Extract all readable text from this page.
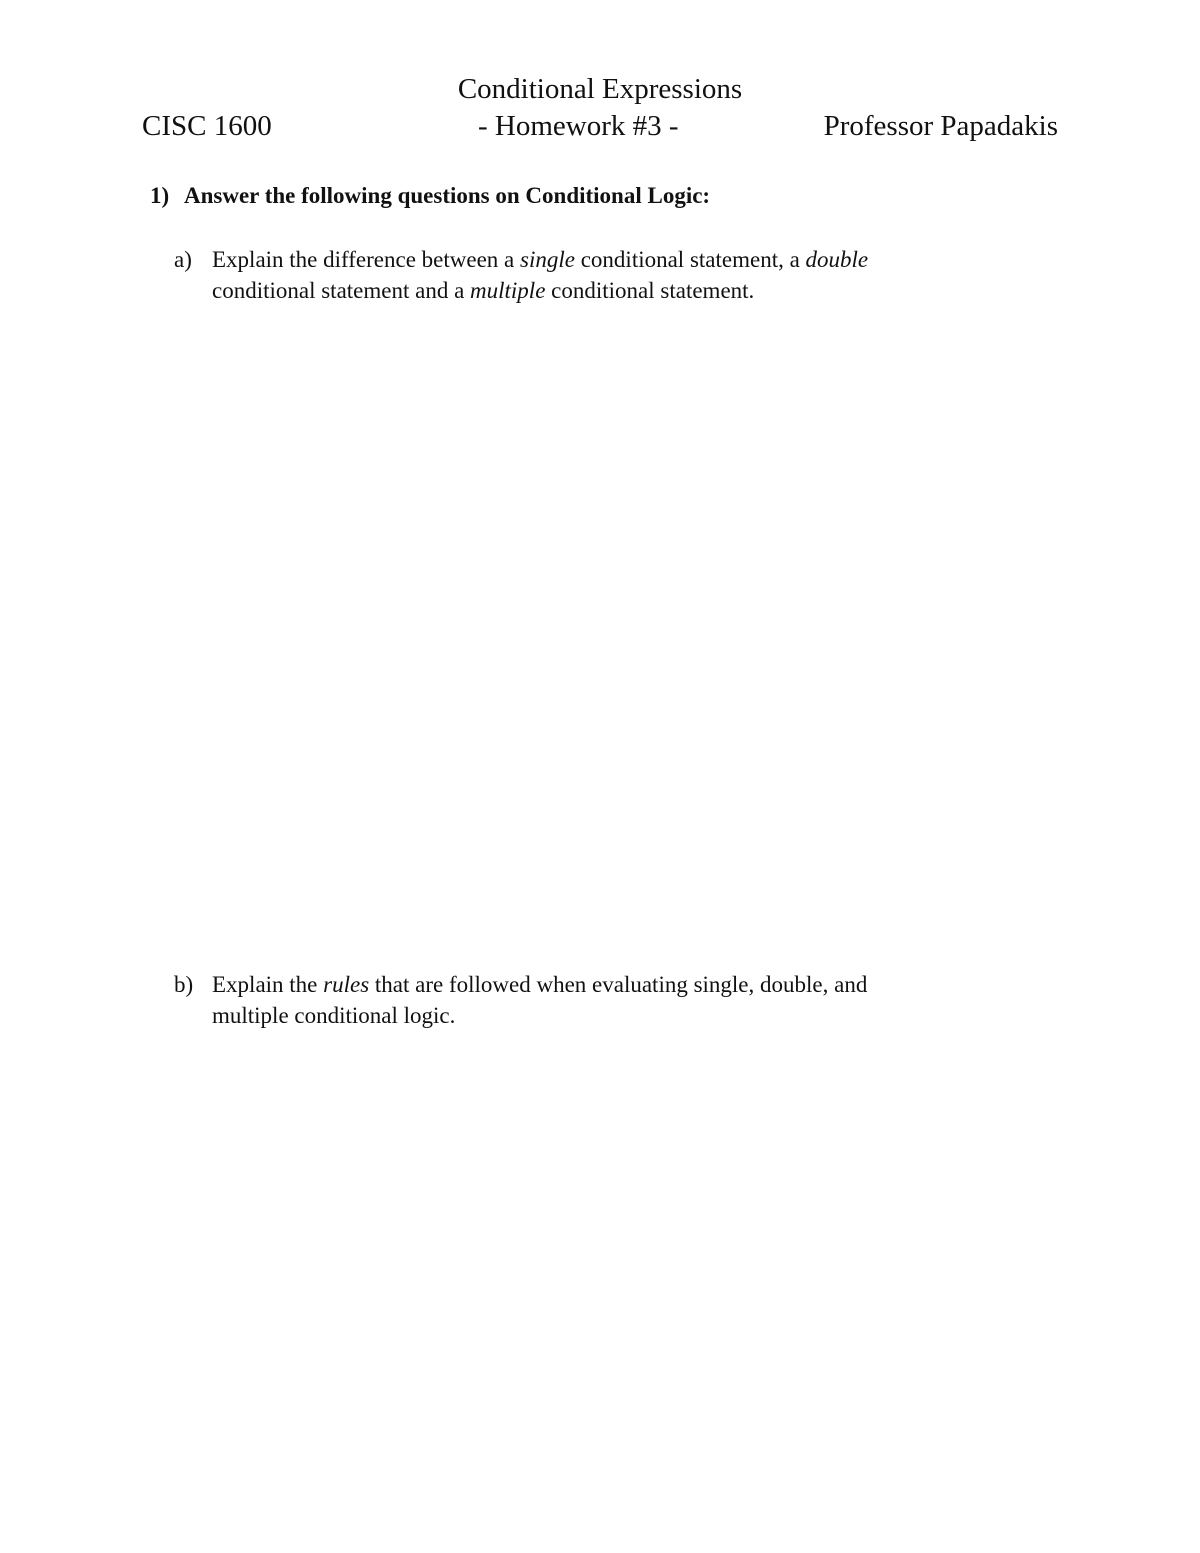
Conditional Expressions
CISC 1600	- Homework #3 -	Professor Papadakis
1) Answer the following questions on Conditional Logic:
a) Explain the difference between a single conditional statement, a double
conditional statement and a multiple conditional statement.
b) Explain the rules that are followed when evaluating single, double, and
multiple conditional logic.
